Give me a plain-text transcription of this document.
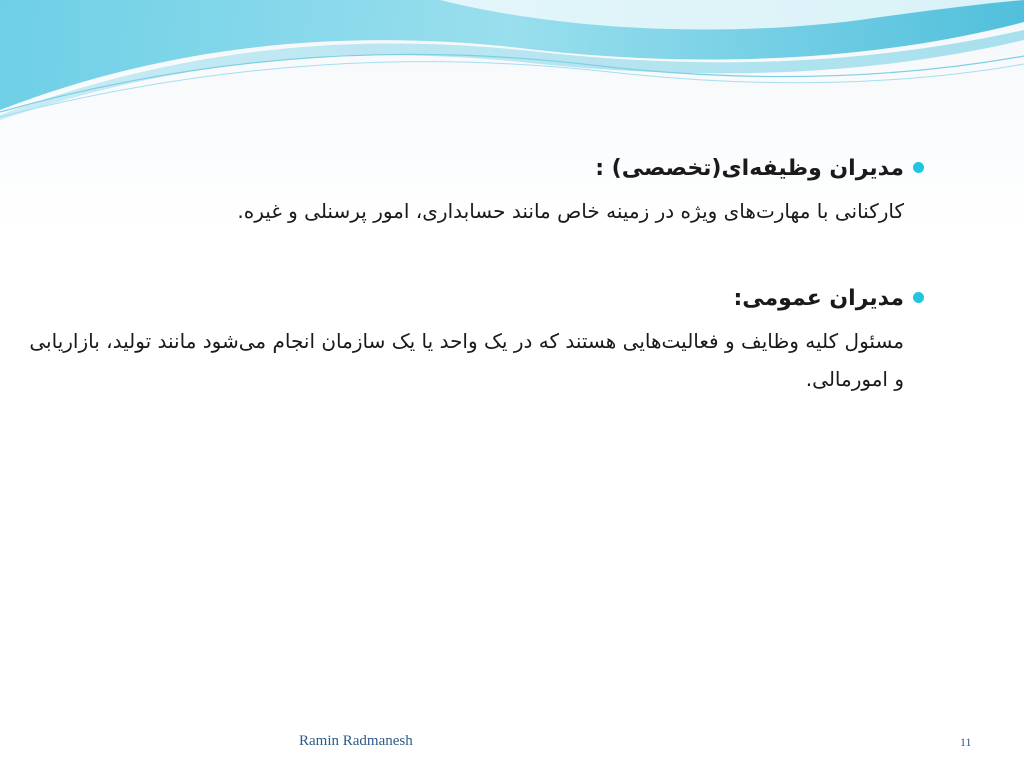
مدیران وظیفه‌ای(تخصصی) :

کارکنانی با مهارت‌های ویژه در زمینه خاص مانند حسابداری، امور پرسنلی و غیره.

مدیران عمومی:

مسئول کلیه وظایف و فعالیت‌هایی هستند که در یک واحد یا یک سازمان انجام می‌شود مانند تولید، بازاریابی و امورمالی.

Ramin Radmanesh	11
